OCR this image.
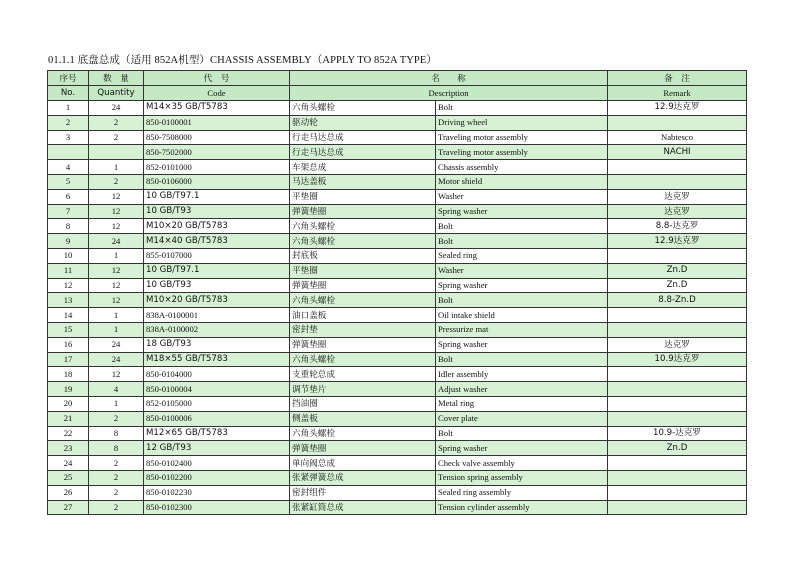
01.1.1 底盘总成（适用 852A机型）CHASSIS ASSEMBLY（APPLY TO 852A TYPE）
序号	数　量	代　号	名　　称		备　注
No.	Quantity	Code	Description		Remark
1	24	M14×35 GB/T5783	六角头螺栓	Bolt	12.9达克罗
2	2	850-0100001	驱动轮	Driving wheel	
3	2	850-7508000	行走马达总成	Traveling motor assembly	Nabtesco
		850-7502000	行走马达总成	Traveling motor assembly	NACHI
4	1	852-0101000	车架总成	Chassis assembly	
5	2	850-0106000	马达盖板	Motor shield	
6	12	10 GB/T97.1	平垫圈	Washer	达克罗
7	12	10 GB/T93	弹簧垫圈	Spring washer	达克罗
8	12	M10×20 GB/T5783	六角头螺栓	Bolt	8.8-达克罗
9	24	M14×40 GB/T5783	六角头螺栓	Bolt	12.9达克罗
10	1	855-0107000	封底板	Sealed ring	
11	12	10 GB/T97.1	平垫圈	Washer	Zn.D
12	12	10 GB/T93	弹簧垫圈	Spring washer	Zn.D
13	12	M10×20 GB/T5783	六角头螺栓	Bolt	8.8-Zn.D
14	1	838A-0100001	油口盖板	Oil intake shield	
15	1	838A-0100002	密封垫	Pressurize mat	
16	24	18 GB/T93	弹簧垫圈	Spring washer	达克罗
17	24	M18×55 GB/T5783	六角头螺栓	Bolt	10.9达克罗
18	12	850-0104000	支重轮总成	Idler assembly	
19	4	850-0100004	调节垫片	Adjust washer	
20	1	852-0105000	挡油圈	Metal ring	
21	2	850-0100006	侧盖板	Cover plate	
22	8	M12×65 GB/T5783	六角头螺栓	Bolt	10.9-达克罗
23	8	12 GB/T93	弹簧垫圈	Spring washer	Zn.D
24	2	850-0102400	单向阀总成	Check valve assembly	
25	2	850-0102200	张紧弹簧总成	Tension spring assembly	
26	2	850-0102230	密封组件	Sealed ring assembly	
27	2	850-0102300	张紧缸筒总成	Tension cylinder assembly	
